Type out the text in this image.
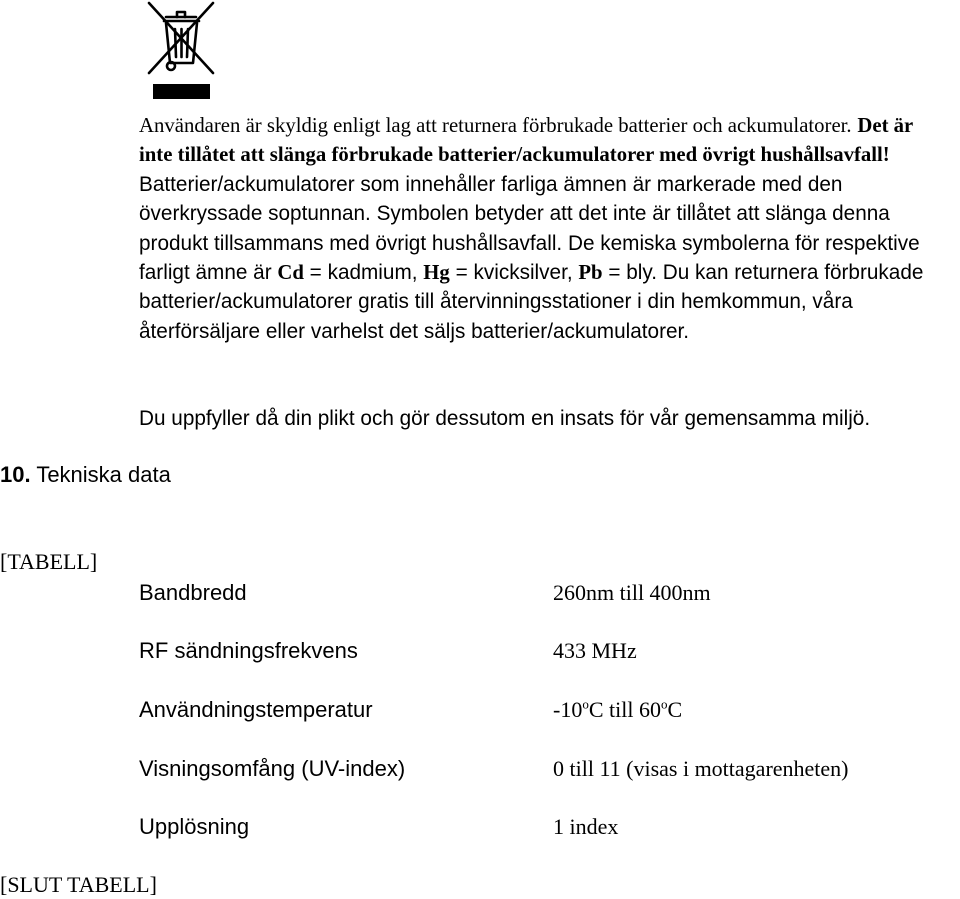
Användaren är skyldig enligt lag att returnera förbrukade batterier och ackumulatorer. Det är inte tillåtet att slänga förbrukade batterier/ackumulatorer med övrigt hushållsavfall! Batterier/ackumulatorer som innehåller farliga ämnen är markerade med den överkryssade soptunnan. Symbolen betyder att det inte är tillåtet att slänga denna produkt tillsammans med övrigt hushållsavfall. De kemiska symbolerna för respektive farligt ämne är Cd = kadmium, Hg = kvicksilver, Pb = bly. Du kan returnera förbrukade batterier/ackumulatorer gratis till återvinningsstationer i din hemkommun, våra återförsäljare eller varhelst det säljs batterier/ackumulatorer.

Du uppfyller då din plikt och gör dessutom en insats för vår gemensamma miljö.

10. Tekniska data
[TABELL]
Bandbredd	260nm till 400nm
RF sändningsfrekvens	433 MHz
Användningstemperatur	-10$^o$C till 60$^o$C
Visningsomfång (UV-index)	0 till 11 (visas i mottagarenheten)
Upplösning	1 index
[SLUT TABELL]
